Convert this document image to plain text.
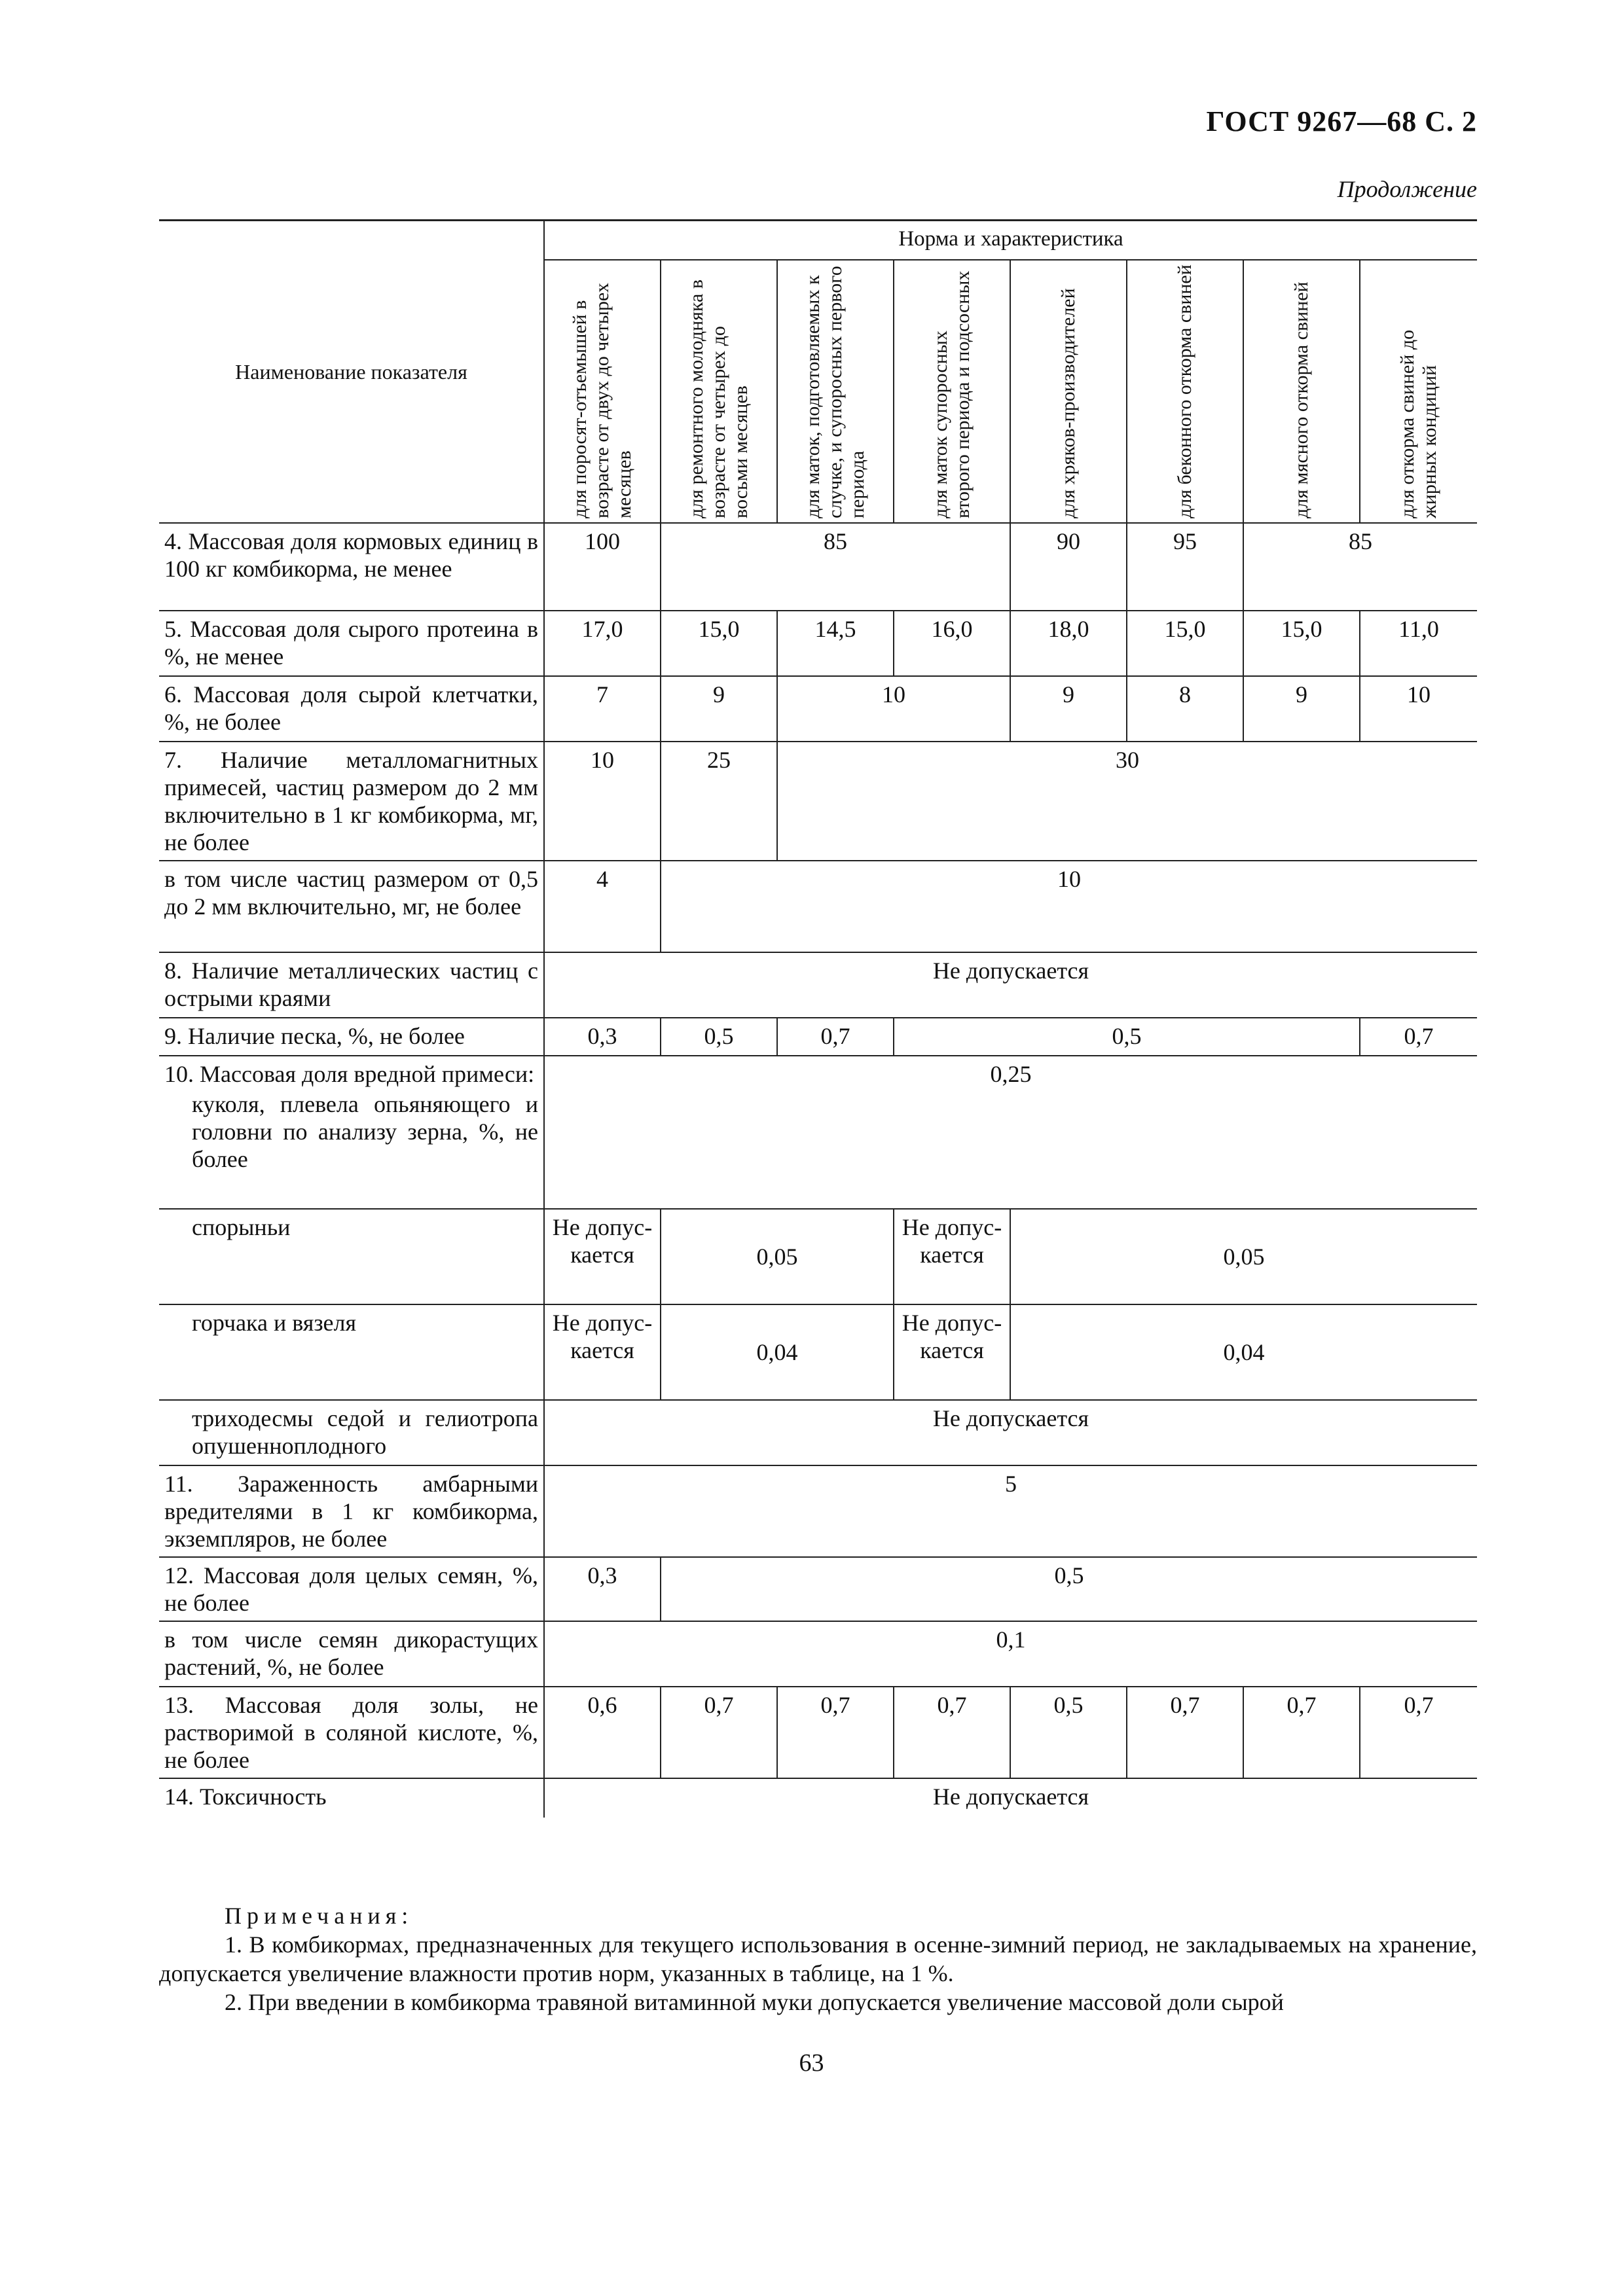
ГОСТ 9267—68 С. 2
Продолжение
Наименование показателя	Норма и характеристика							

	для поросят-отъемышей в возрасте от двух до четырех месяцев	для ремонтного молодняка в возрасте от четырех до восьми месяцев	для маток, подготовляемых к случке, и супоросных первого периода	для маток супоросных второго периода и подсосных	для хряков-производителей	для беконного откорма свиней	для мясного откорма свиней	для откорма свиней до жирных кондиций

4. Массовая доля кормовых единиц в 100 кг комбикорма, не менее	100	85			90	95	85	
5. Массовая доля сырого протеина в %, не менее	17,0	15,0	14,5	16,0	18,0	15,0	15,0	11,0
6. Массовая доля сырой клетчатки, %, не более	7	9	10		9	8	9	10
7. Наличие металломагнитных примесей, частиц размером до 2 мм включительно в 1 кг комбикорма, мг, не более	10	25	30					
в том числе частиц размером от 0,5 до 2 мм включительно, мг, не более	4	10						
8. Наличие металлических частиц с острыми краями	Не допускается							
9. Наличие песка, %, не более	0,3	0,5	0,7	0,5				0,7

10. Массовая доля вредной примеси:
куколя, плевела опьяняющего и головни по анализу зерна, %, не более	0,25							
спорыньи	Не допус-кается	0,05		Не допус-кается	0,05			
горчака и вязеля	Не допус-кается	0,04		Не допус-кается	0,04			
триходесмы седой и гелиотропа опушенноплодного	Не допускается							
11. Зараженность амбарными вредителями в 1 кг комбикорма, экземпляров, не более	5							
12. Массовая доля целых семян, %, не более	0,3	0,5						
в том числе семян дикорастущих растений, %, не более	0,1							
13. Массовая доля золы, не растворимой в соляной кислоте, %, не более	0,6	0,7	0,7	0,7	0,5	0,7	0,7	0,7
14. Токсичность	Не допускается							
Примечания:

1. В комбикормах, предназначенных для текущего использования в осенне-зимний период, не закладываемых на хранение, допускается увеличение влажности против норм, указанных в таблице, на 1 %.

2. При введении в комбикорма травяной витаминной муки допускается увеличение массовой доли сырой

63
